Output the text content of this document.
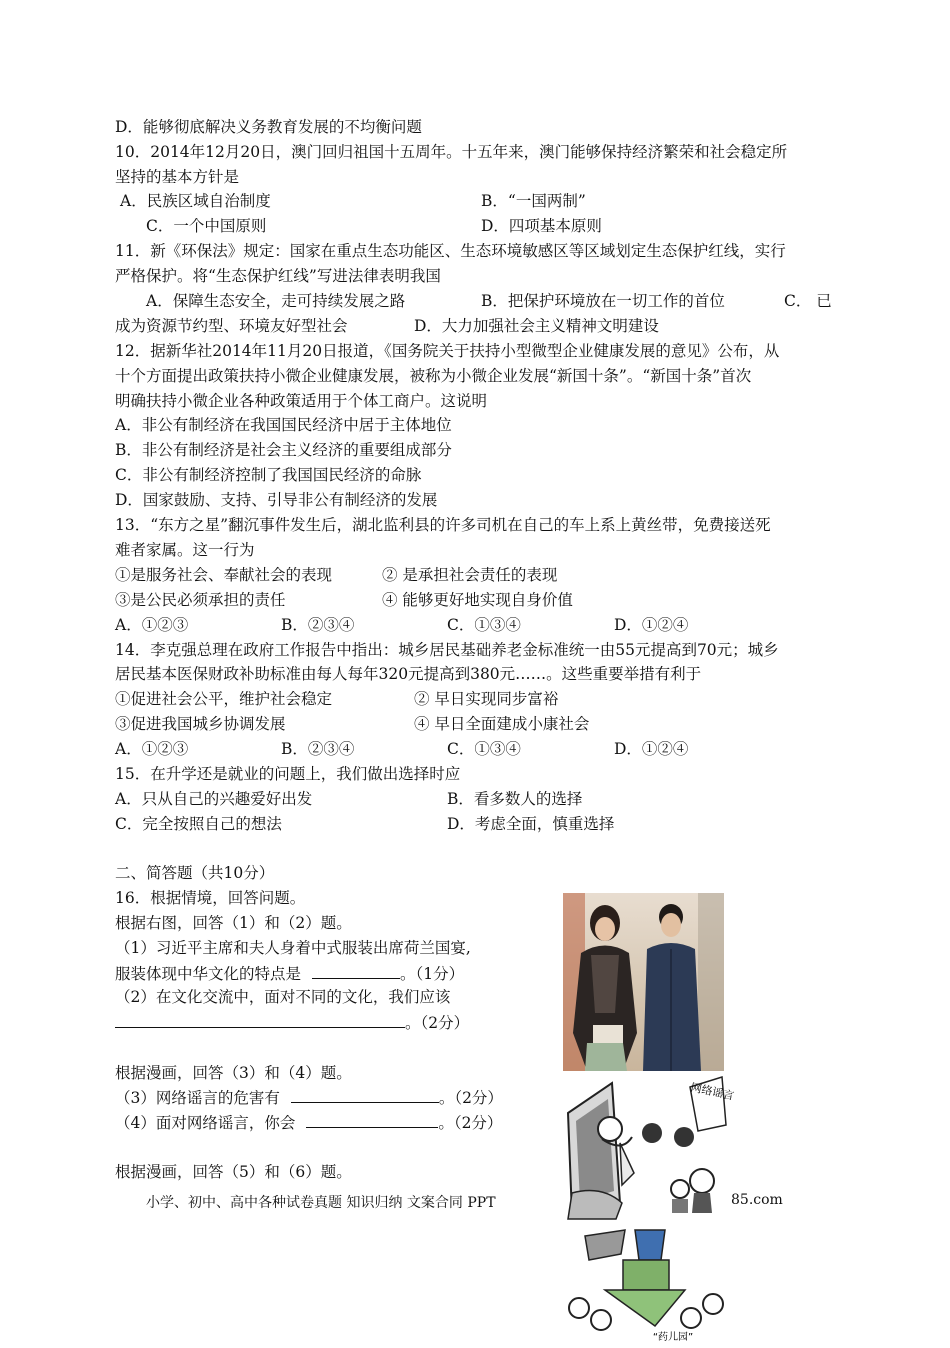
D．能够彻底解决义务教育发展的不均衡问题
10．2014年12月20日，澳门回归祖国十五周年。十五年来，澳门能够保持经济繁荣和社会稳定所
坚持的基本方针是
A．民族区域自治制度	B．“一国两制”
C．一个中国原则	D．四项基本原则
11．新《环保法》规定：国家在重点生态功能区、生态环境敏感区等区域划定生态保护红线，实行
严格保护。将“生态保护红线”写进法律表明我国
A．保障生态安全，走可持续发展之路	B．把保护环境放在一切工作的首位	C． 已
成为资源节约型、环境友好型社会	D．大力加强社会主义精神文明建设
12．据新华社2014年11月20日报道，《国务院关于扶持小型微型企业健康发展的意见》公布，从
十个方面提出政策扶持小微企业健康发展，被称为小微企业发展“新国十条”。“新国十条”首次
明确扶持小微企业各种政策适用于个体工商户。这说明
A．非公有制经济在我国国民经济中居于主体地位
B．非公有制经济是社会主义经济的重要组成部分
C．非公有制经济控制了我国国民经济的命脉
D．国家鼓励、支持、引导非公有制经济的发展
13．“东方之星”翻沉事件发生后，湖北监利县的许多司机在自己的车上系上黄丝带，免费接送死
难者家属。这一行为
①是服务社会、奉献社会的表现	② 是承担社会责任的表现
③是公民必须承担的责任	④ 能够更好地实现自身价值
A．①②③	B．②③④	C．①③④	D．①②④
14．李克强总理在政府工作报告中指出：城乡居民基础养老金标准统一由55元提高到70元；城乡
居民基本医保财政补助标准由每人每年320元提高到380元……。这些重要举措有利于
①促进社会公平，维护社会稳定	② 早日实现同步富裕
③促进我国城乡协调发展	④ 早日全面建成小康社会
A．①②③	B．②③④	C．①③④	D．①②④
15．在升学还是就业的问题上，我们做出选择时应
A．只从自己的兴趣爱好出发	B．看多数人的选择
C．完全按照自己的想法	D．考虑全面，慎重选择
二、简答题（共10分）
16．根据情境，回答问题。
根据右图，回答（1）和（2）题。
（1）习近平主席和夫人身着中式服装出席荷兰国宴,
服装体现中华文化的特点是	。（1分）
（2）在文化交流中，面对不同的文化，我们应该
。（2分）
根据漫画，回答（3）和（4）题。
（3）网络谣言的危害有	。（2分）
（4）面对网络谣言，你会	。（2分）
根据漫画，回答（5）和（6）题。
网络谣言
小学、初中、高中各种试卷真题 知识归纳 文案合同 PPT	85.com
“药儿园”
